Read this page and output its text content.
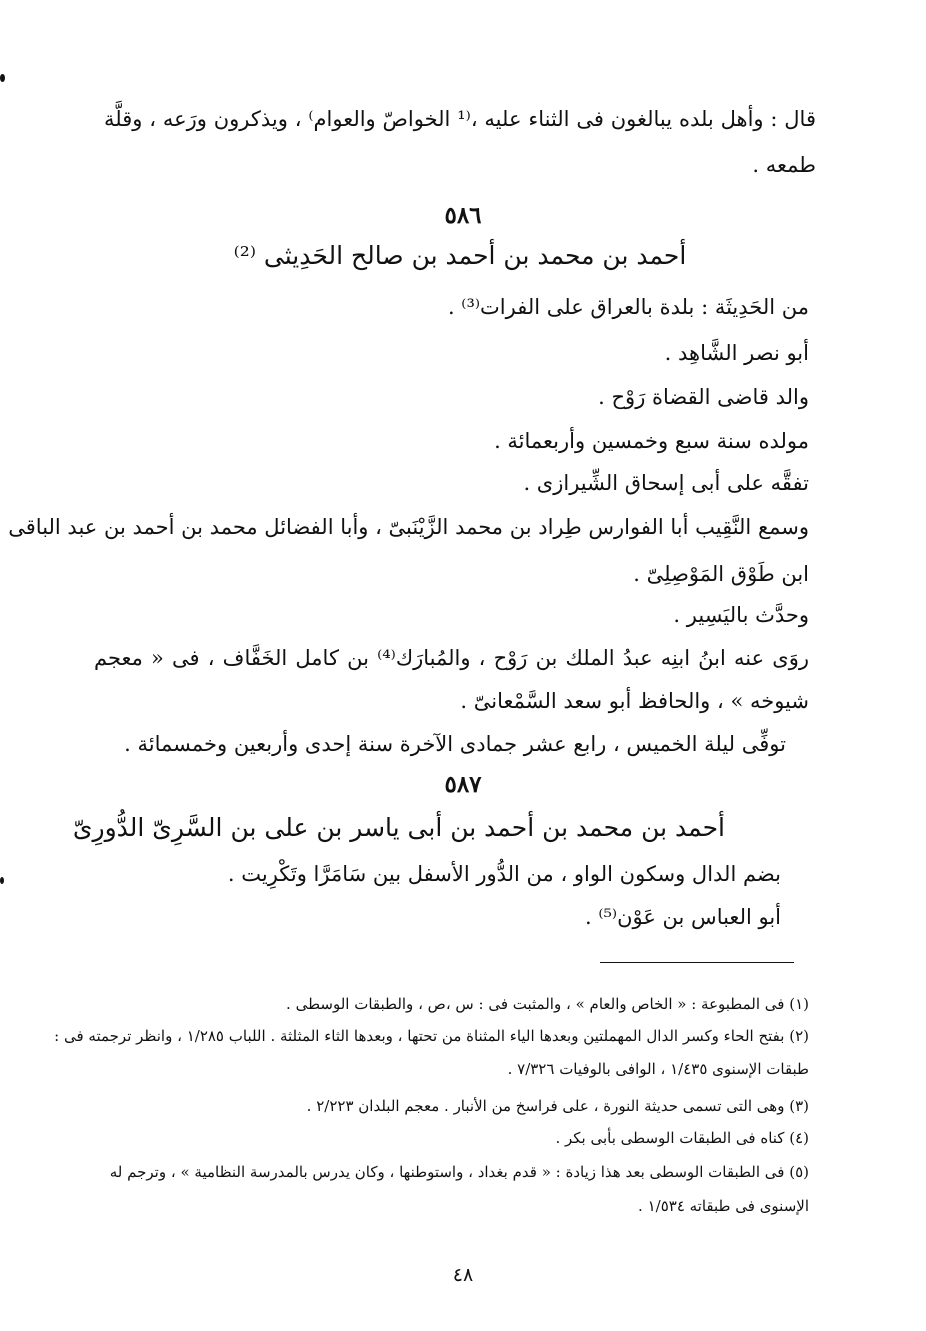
قال : وأهل بلده يبالغون فى الثناء عليه ،⁽¹ الخواصّ والعوام⁾ ، ويذكرون ورَعه ، وقلَّة
طمعه .
٥٨٦
أحمد بن محمد بن أحمد بن صالح الحَدِيثى ⁽²⁾
من الحَدِيثَة : بلدة بالعراق على الفرات⁽³⁾ .
أبو نصر الشَّاهِد .
والد قاضى القضاة رَوْح .
مولده سنة سبع وخمسين وأربعمائة .
تفقَّه على أبى إسحاق الشِّيرازى .
وسمع النَّقِيب أبا الفوارس طِراد بن محمد الزَّيْنَبىّ ، وأبا الفضائل محمد بن أحمد بن عبد الباقى
ابن طَوْق المَوْصِلِىّ .
وحدَّث باليَسِير .
روَى عنه ابنُ ابنِه عبدُ الملك بن رَوْح ، والمُبارَك⁽⁴⁾ بن كامل الخَفَّاف ، فى « معجم
شيوخه » ، والحافظ أبو سعد السَّمْعانىّ .
توفِّى ليلة الخميس ، رابع عشر جمادى الآخرة سنة إحدى وأربعين وخمسمائة .
٥٨٧
أحمد بن محمد بن أحمد بن أبى ياسر بن على بن السَّرِىّ الدُّورِىّ
بضم الدال وسكون الواو ، من الدُّور الأسفل بين سَامَرَّا وتَكْرِيت .
أبو العباس بن عَوْن⁽⁵⁾ .
(١) فى المطبوعة : « الخاص والعام » ، والمثبت فى : س ،ص ، والطبقات الوسطى .
(٢) بفتح الحاء وكسر الدال المهملتين وبعدها الياء المثناة من تحتها ، وبعدها الثاء المثلثة . اللباب ١/٢٨٥ ، وانظر ترجمته فى :
طبقات الإسنوى ١/٤٣٥ ، الوافى بالوفيات ٧/٣٢٦ .
(٣) وهى التى تسمى حديثة النورة ، على فراسخ من الأنبار . معجم البلدان ٢/٢٢٣ .
(٤) كناه فى الطبقات الوسطى بأبى بكر .
(٥) فى الطبقات الوسطى بعد هذا زيادة : « قدم بغداد ، واستوطنها ، وكان يدرس بالمدرسة النظامية » ، وترجم له
الإسنوى فى طبقاته ١/٥٣٤ .
٤٨
